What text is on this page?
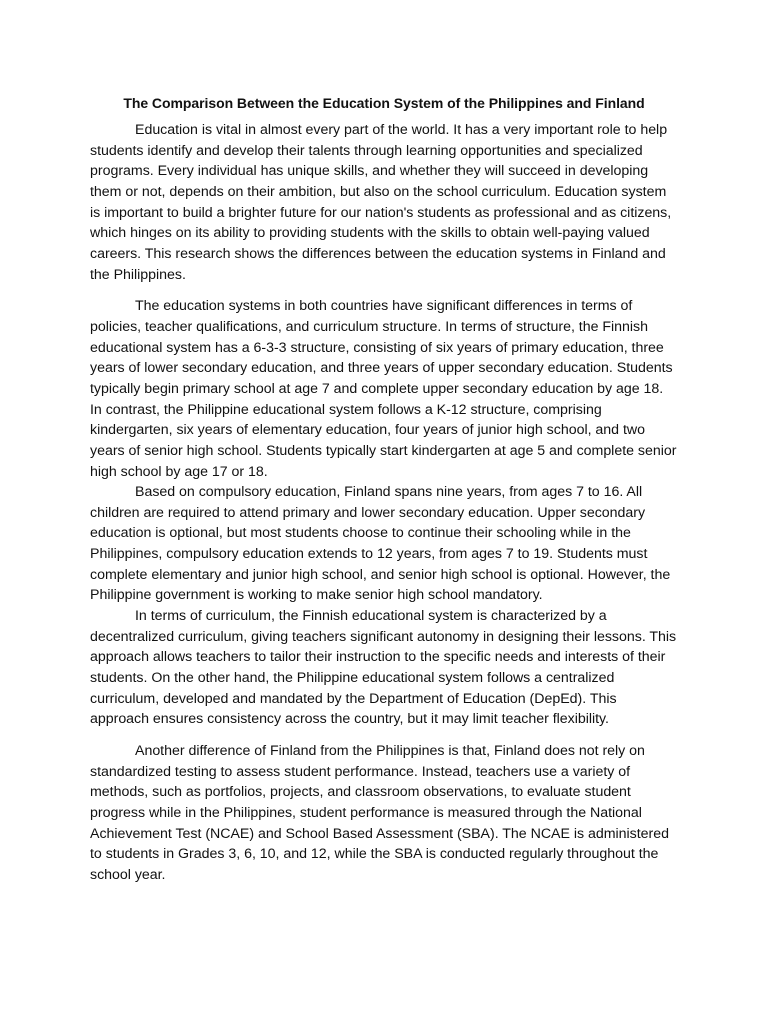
The Comparison Between the Education System of the Philippines and Finland

Education is vital in almost every part of the world. It has a very important role to help students identify and develop their talents through learning opportunities and specialized programs. Every individual has unique skills, and whether they will succeed in developing them or not, depends on their ambition, but also on the school curriculum. Education system is important to build a brighter future for our nation's students as professional and as citizens, which hinges on its ability to providing students with the skills to obtain well-paying valued careers. This research shows the differences between the education systems in Finland and the Philippines.

The education systems in both countries have significant differences in terms of policies, teacher qualifications, and curriculum structure. In terms of structure, the Finnish educational system has a 6-3-3 structure, consisting of six years of primary education, three years of lower secondary education, and three years of upper secondary education. Students typically begin primary school at age 7 and complete upper secondary education by age 18. In contrast, the Philippine educational system follows a K-12 structure, comprising kindergarten, six years of elementary education, four years of junior high school, and two years of senior high school. Students typically start kindergarten at age 5 and complete senior high school by age 17 or 18.

Based on compulsory education, Finland spans nine years, from ages 7 to 16. All children are required to attend primary and lower secondary education. Upper secondary education is optional, but most students choose to continue their schooling while in the Philippines, compulsory education extends to 12 years, from ages 7 to 19. Students must complete elementary and junior high school, and senior high school is optional. However, the Philippine government is working to make senior high school mandatory.

In terms of curriculum, the Finnish educational system is characterized by a decentralized curriculum, giving teachers significant autonomy in designing their lessons. This approach allows teachers to tailor their instruction to the specific needs and interests of their students. On the other hand, the Philippine educational system follows a centralized curriculum, developed and mandated by the Department of Education (DepEd). This approach ensures consistency across the country, but it may limit teacher flexibility.

Another difference of Finland from the Philippines is that, Finland does not rely on standardized testing to assess student performance. Instead, teachers use a variety of methods, such as portfolios, projects, and classroom observations, to evaluate student progress while in the Philippines, student performance is measured through the National Achievement Test (NCAE) and School Based Assessment (SBA). The NCAE is administered to students in Grades 3, 6, 10, and 12, while the SBA is conducted regularly throughout the school year.
